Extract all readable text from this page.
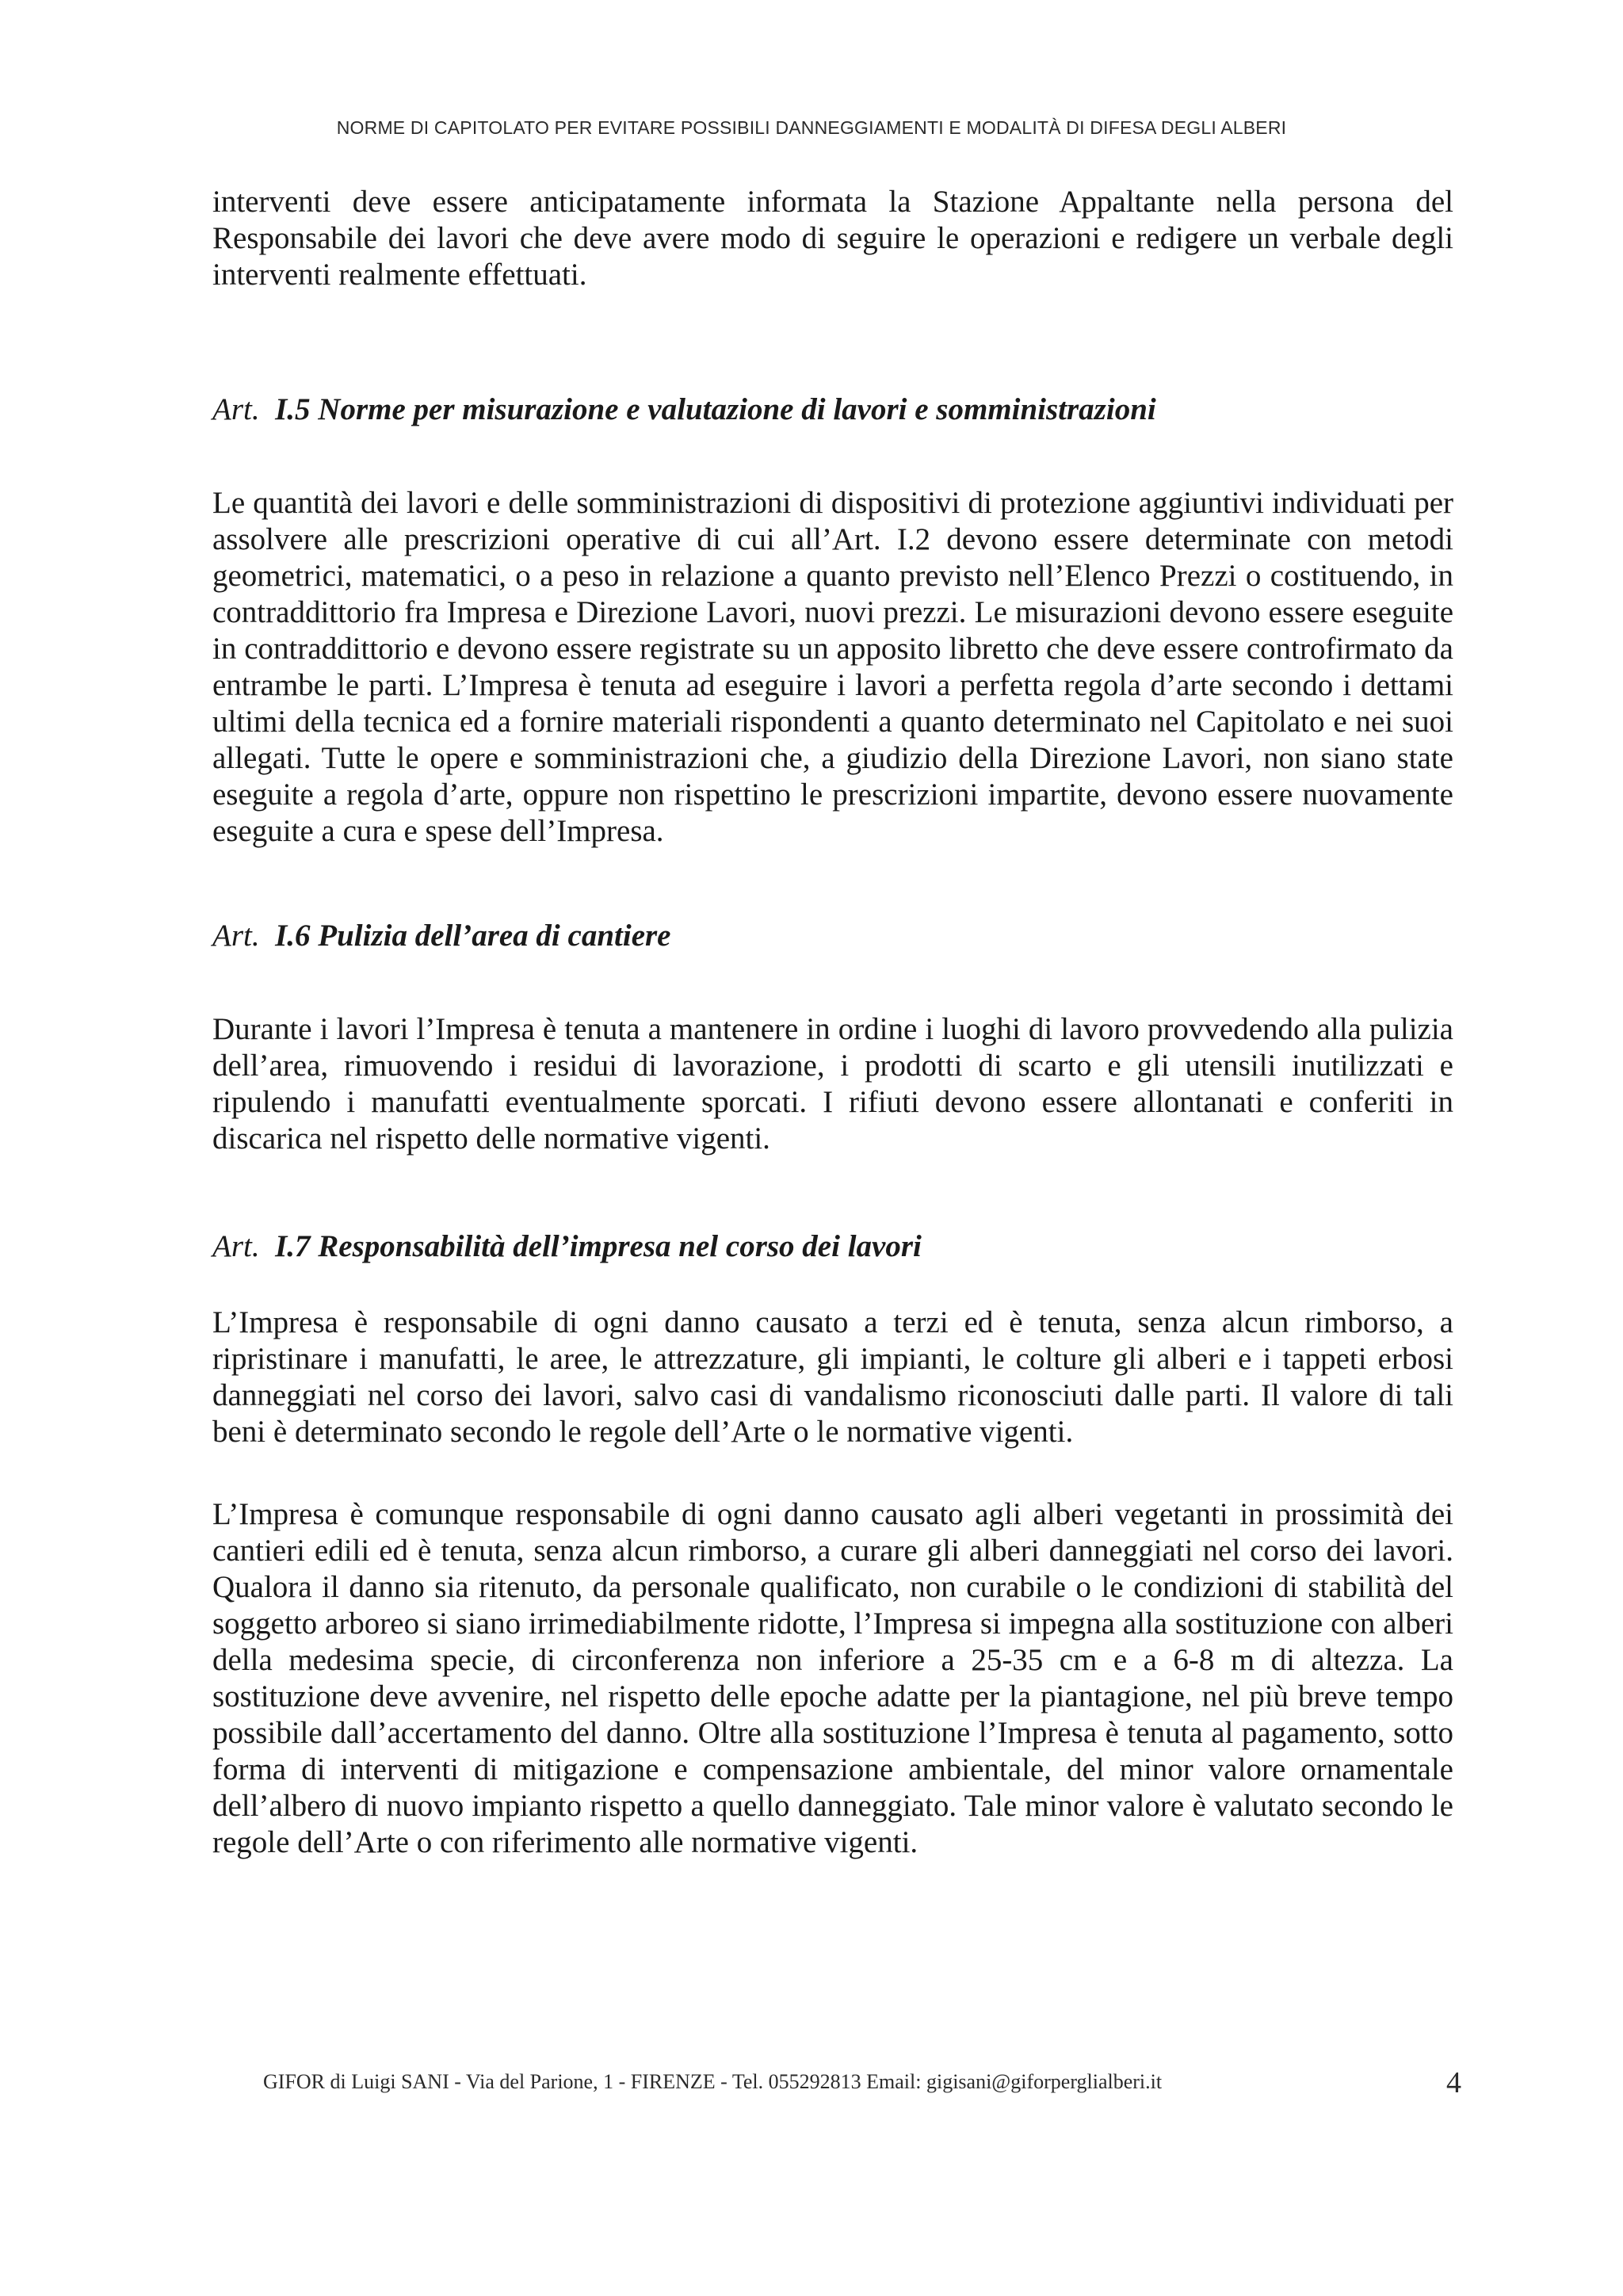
NORME DI CAPITOLATO PER EVITARE POSSIBILI DANNEGGIAMENTI E MODALITÀ DI DIFESA DEGLI ALBERI

interventi deve essere anticipatamente informata la Stazione Appaltante nella persona del Responsabile dei lavori che deve avere modo di seguire le operazioni e redigere un verbale degli interventi realmente effettuati.

Art. I.5 Norme per misurazione e valutazione di lavori e somministrazioni

Le quantità dei lavori e delle somministrazioni di dispositivi di protezione aggiuntivi individuati per assolvere alle prescrizioni operative di cui all’Art. I.2 devono essere determinate con metodi geometrici, matematici, o a peso in relazione a quanto previsto nell’Elenco Prezzi o costituendo, in contraddittorio fra Impresa e Direzione Lavori, nuovi prezzi. Le misurazioni devono essere eseguite in contraddittorio e devono essere registrate su un apposito libretto che deve essere controfirmato da entrambe le parti. L’Impresa è tenuta ad eseguire i lavori a perfetta regola d’arte secondo i dettami ultimi della tecnica ed a fornire materiali rispondenti a quanto determinato nel Capitolato e nei suoi allegati. Tutte le opere e somministrazioni che, a giudizio della Direzione Lavori, non siano state eseguite a regola d’arte, oppure non rispettino le prescrizioni impartite, devono essere nuovamente eseguite a cura e spese dell’Impresa.

Art. I.6 Pulizia dell’area di cantiere

Durante i lavori l’Impresa è tenuta a mantenere in ordine i luoghi di lavoro provvedendo alla pulizia dell’area, rimuovendo i residui di lavorazione, i prodotti di scarto e gli utensili inutilizzati e ripulendo i manufatti eventualmente sporcati. I rifiuti devono essere allontanati e conferiti in discarica nel rispetto delle normative vigenti.

Art. I.7 Responsabilità dell’impresa nel corso dei lavori

L’Impresa è responsabile di ogni danno causato a terzi ed è tenuta, senza alcun rimborso, a ripristinare i manufatti, le aree, le attrezzature, gli impianti, le colture gli alberi e i tappeti erbosi danneggiati nel corso dei lavori, salvo casi di vandalismo riconosciuti dalle parti. Il valore di tali beni è determinato secondo le regole dell’Arte o le normative vigenti.

L’Impresa è comunque responsabile di ogni danno causato agli alberi vegetanti in prossimità dei cantieri edili ed è tenuta, senza alcun rimborso, a curare gli alberi danneggiati nel corso dei lavori. Qualora il danno sia ritenuto, da personale qualificato, non curabile o le condizioni di stabilità del soggetto arboreo si siano irrimediabilmente ridotte, l’Impresa si impegna alla sostituzione con alberi della medesima specie, di circonferenza non inferiore a 25-35 cm e a 6-8 m di altezza. La sostituzione deve avvenire, nel rispetto delle epoche adatte per la piantagione, nel più breve tempo possibile dall’accertamento del danno. Oltre alla sostituzione l’Impresa è tenuta al pagamento, sotto forma di interventi di mitigazione e compensazione ambientale, del minor valore ornamentale dell’albero di nuovo impianto rispetto a quello danneggiato. Tale minor valore è valutato secondo le regole dell’Arte o con riferimento alle normative vigenti.

GIFOR di Luigi SANI - Via del Parione, 1 - FIRENZE - Tel. 055292813 Email: gigisani@giforperglialberi.it	4
